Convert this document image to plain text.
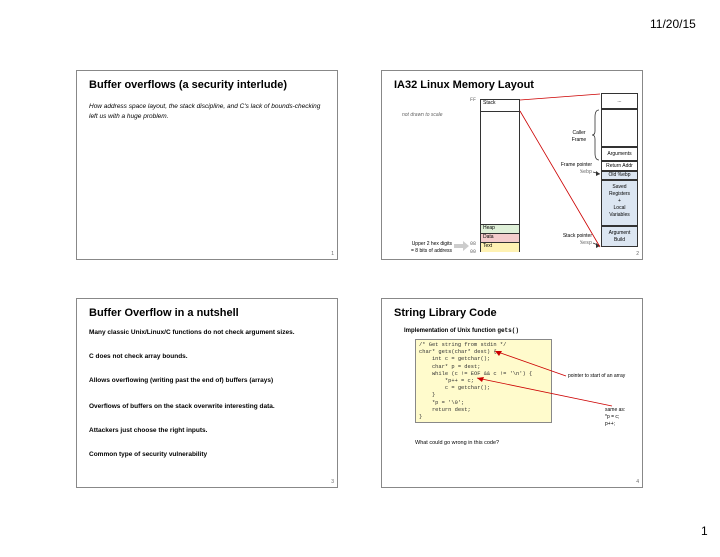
11/20/15
Buffer overflows (a security interlude)
How address space layout, the stack discipline, and C's lack of bounds-checking left us with a huge problem.
1
IA32 Linux Memory Layout
not drawn to scale
FF	Stack
Heap
Data
Text
08
00
Upper 2 hex digits
= 8 bits of address
...
Arguments
Return Addr
Old %ebp
Saved
Registers
+
Local
Variables
Argument
Build
Caller
Frame
Frame pointer
%ebp
Stack pointer
%esp
2
Buffer Overflow in a nutshell
Many classic Unix/Linux/C functions do not check argument sizes.
C does not check array bounds.
Allows overflowing (writing past the end of) buffers (arrays)
Overflows of buffers on the stack overwrite interesting data.
Attackers just choose the right inputs.
Common type of security vulnerability
3
String Library Code
Implementation of Unix function gets()
/* Get string from stdin */
char* gets(char* dest) {
int c = getchar();
char* p = dest;
while (c != EOF && c != '\n') {
*p++ = c;
c = getchar();
}
*p = '\0';
return dest;
}
pointer to start of an array
same as:
*p = c;
p++;
What could go wrong in this code?
4
1
